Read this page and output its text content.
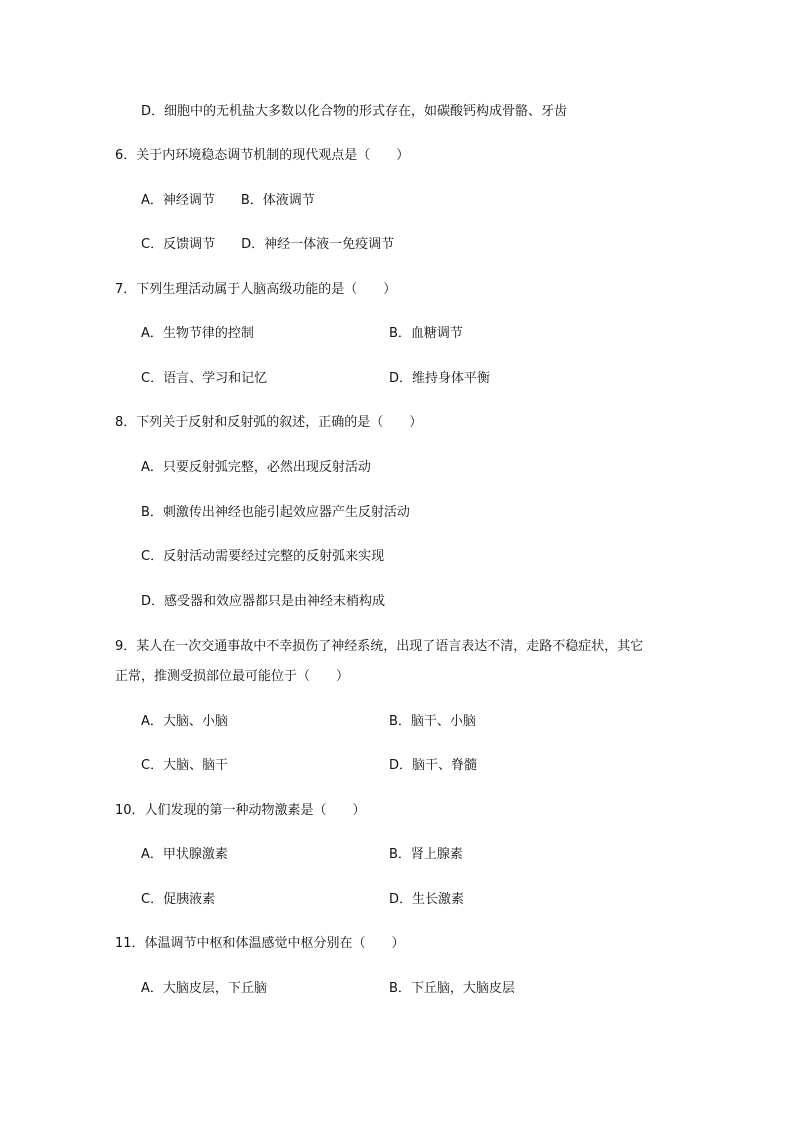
D．细胞中的无机盐大多数以化合物的形式存在，如碳酸钙构成骨骼、牙齿
6．关于内环境稳态调节机制的现代观点是（　　）
A．神经调节　　B．体液调节
C．反馈调节　　D．神经一体液一免疫调节
7．下列生理活动属于人脑高级功能的是（　　）
A．生物节律的控制	B．血糖调节
C．语言、学习和记忆	D．维持身体平衡
8．下列关于反射和反射弧的叙述，正确的是（　　）
A．只要反射弧完整，必然出现反射活动
B．刺激传出神经也能引起效应器产生反射活动
C．反射活动需要经过完整的反射弧来实现
D．感受器和效应器都只是由神经末梢构成
9．某人在一次交通事故中不幸损伤了神经系统，出现了语言表达不清，走路不稳症状，其它
正常，推测受损部位最可能位于（　　）
A．大脑、小脑	B．脑干、小脑
C．大脑、脑干	D．脑干、脊髓
10．人们发现的第一种动物激素是（　　）
A．甲状腺激素	B．肾上腺素
C．促胰液素	D．生长激素
11．体温调节中枢和体温感觉中枢分别在（　　）
A．大脑皮层，下丘脑	B．下丘脑，大脑皮层
